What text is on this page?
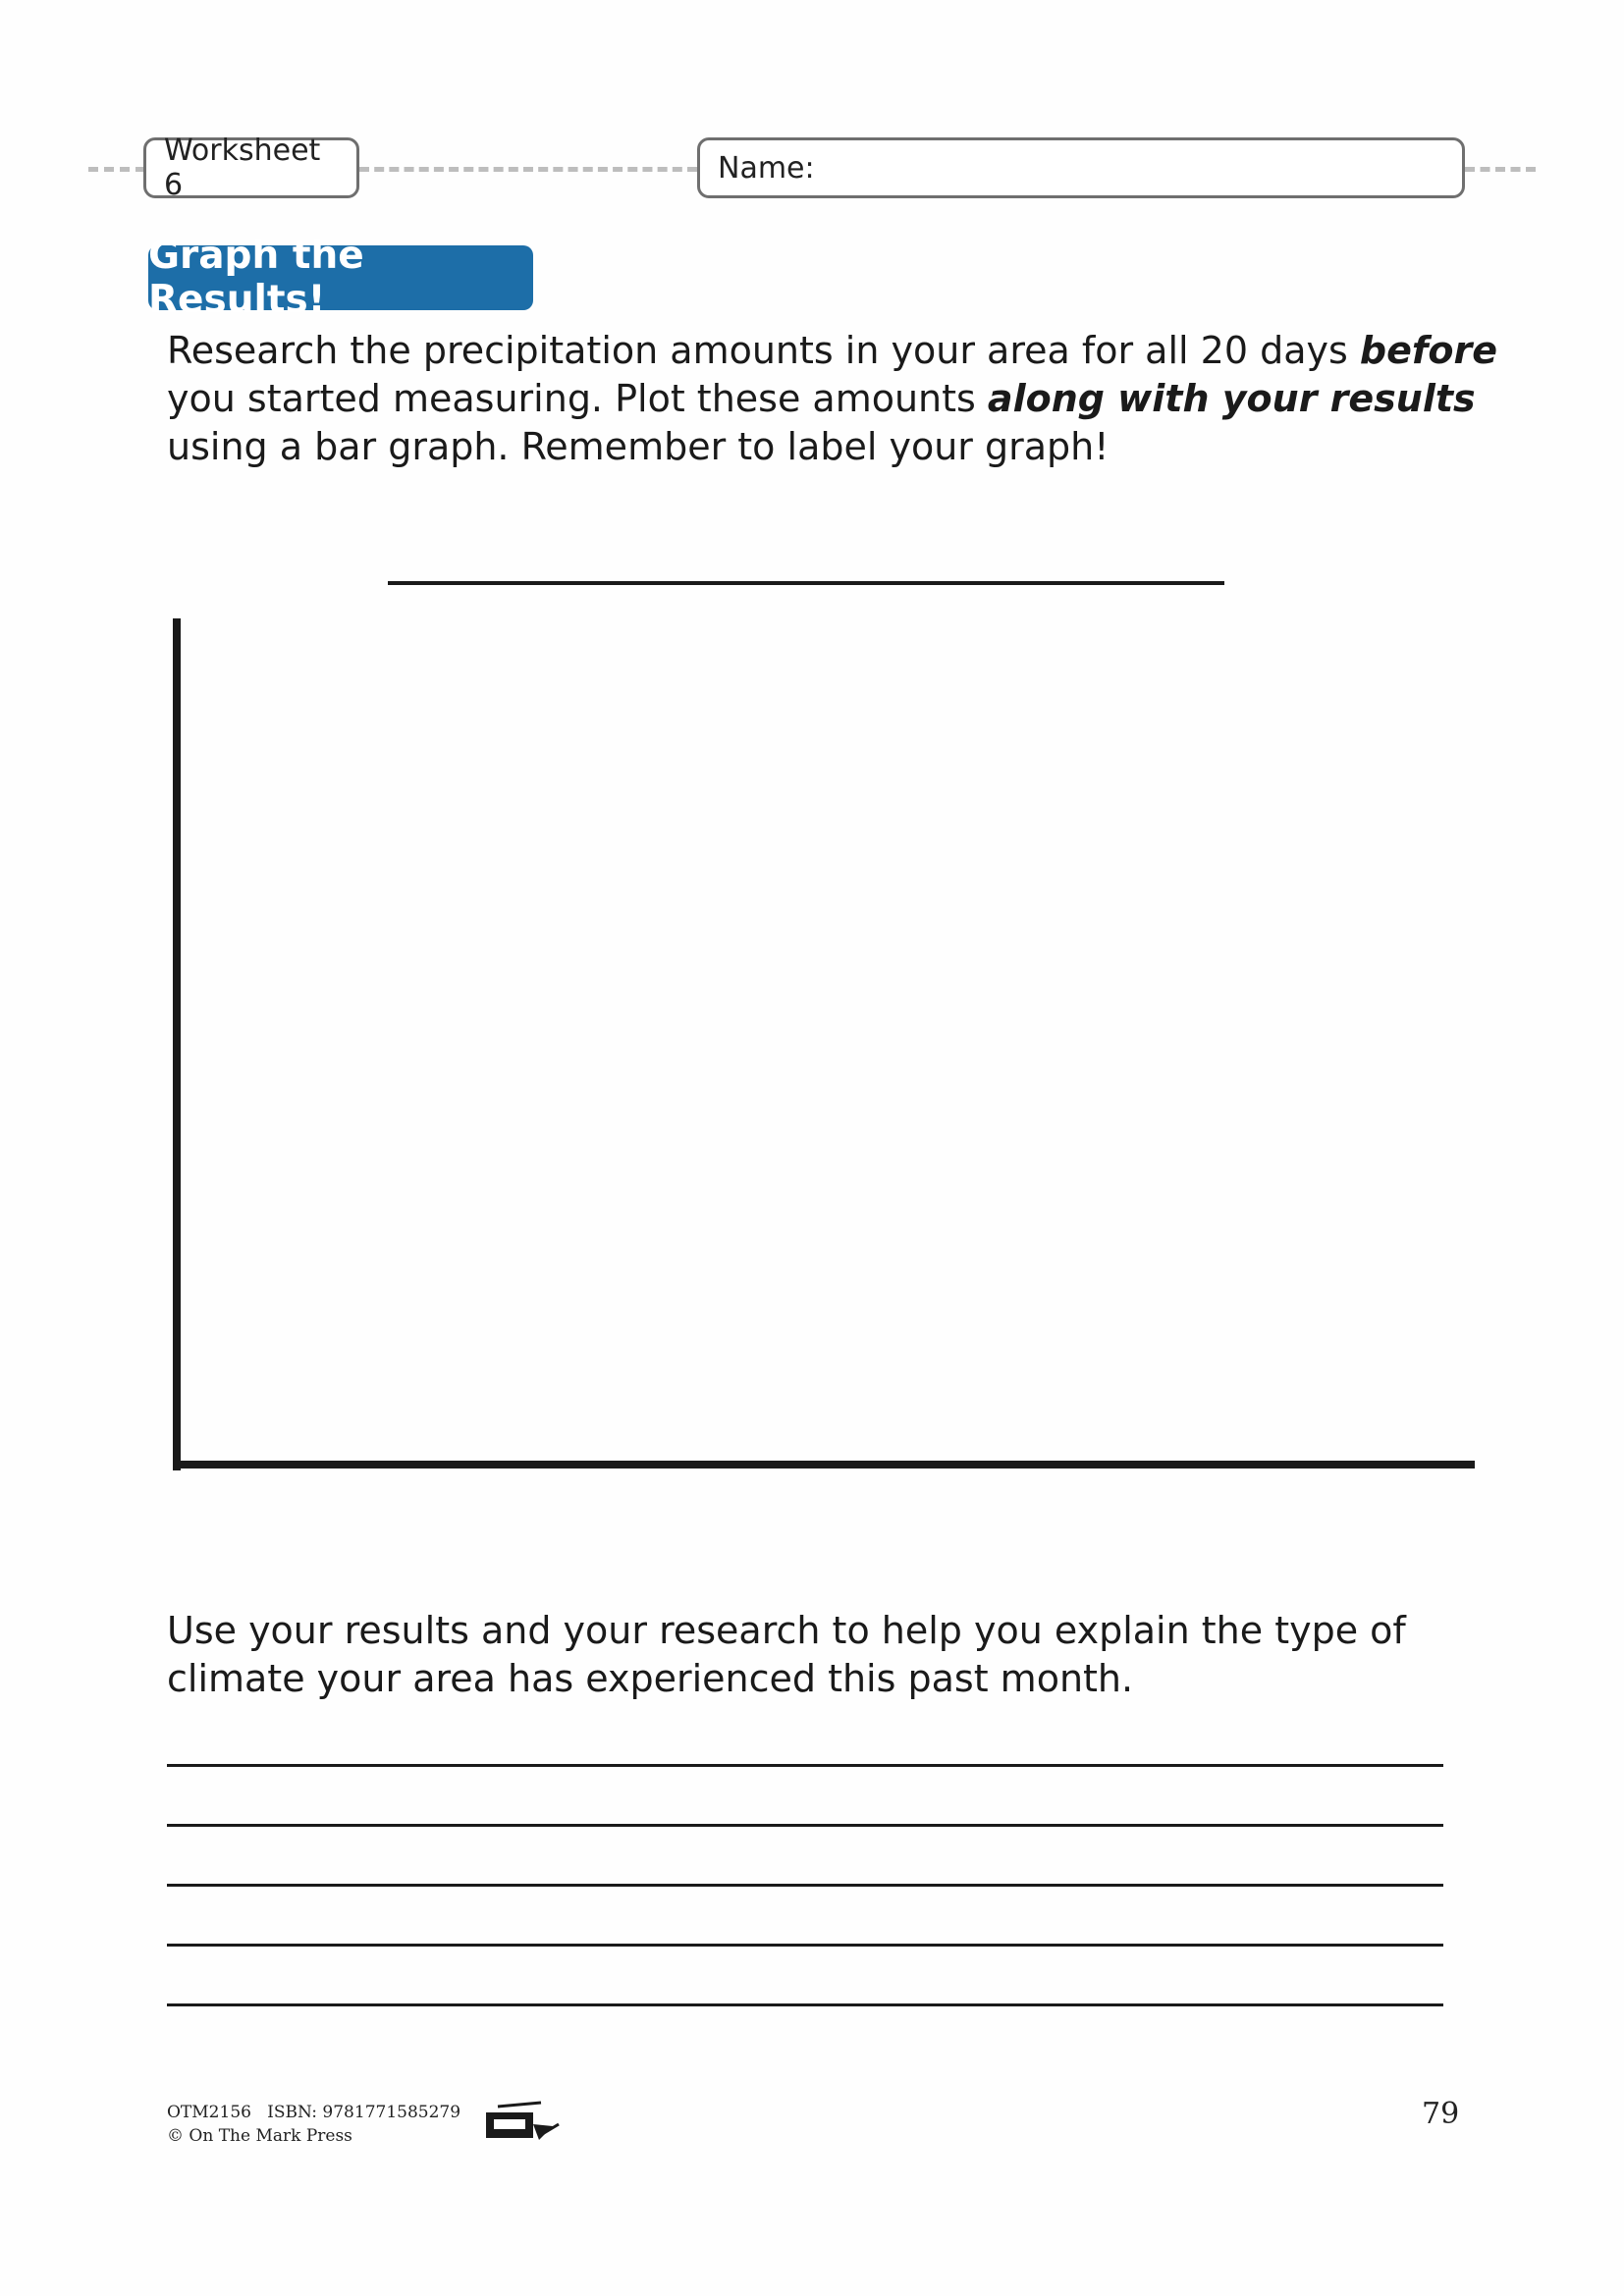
Worksheet 6	Name:
Graph the Results!

Research the precipitation amounts in your area for all 20 days before
you started measuring. Plot these amounts along with your results
using a bar graph. Remember to label your graph!

Use your results and your research to help you explain the type of
climate your area has experienced this past month.

OTM2156 ISBN: 9781771585279
© On The Mark Press
79
